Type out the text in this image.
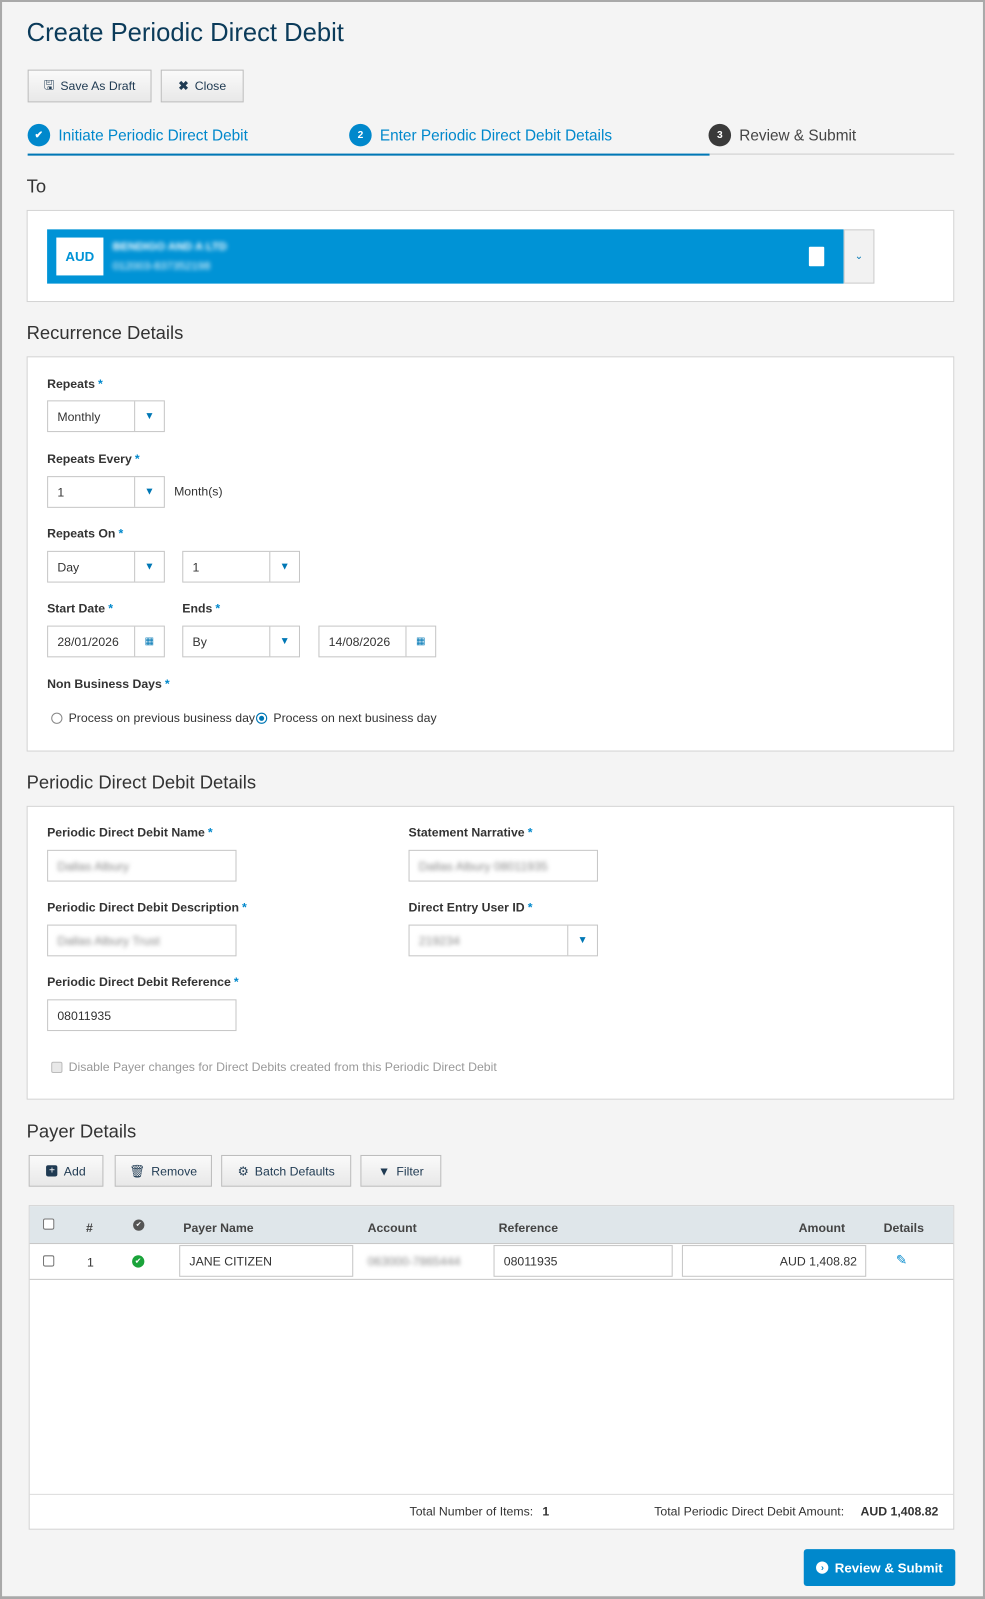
Create Periodic Direct Debit
🖫 Save As Draft	✖ Close
✔	Initiate Periodic Direct Debit	2	Enter Periodic Direct Debit Details	3	Review & Submit
To
AUD
BENDIGO AND A LTD
012003-837352198
⌄
Recurrence Details
Repeats *
Monthly	▼
Repeats Every *
1	▼	Month(s)
Repeats On *
Day	▼	1	▼
Start Date *
28/01/2026	▦
Ends *
By	▼	14/08/2026	▦
Non Business Days *
Process on previous business day Process on next business day
Periodic Direct Debit Details
Periodic Direct Debit Name *
Dallas Albury
Statement Narrative *
Dallas Albury 08011935
Periodic Direct Debit Description *
Dallas Albury Trust
Direct Entry User ID *
219234	▼
Periodic Direct Debit Reference *
08011935
Disable Payer changes for Direct Debits created from this Periodic Direct Debit
Payer Details
+ Add	🗑 Remove	⚙ Batch Defaults	▼ Filter
#	✔	Payer Name	Account	Reference	Amount	Details
1	✔	JANE CITIZEN	063000-7865444	08011935	AUD 1,408.82	✎
Total Number of Items: 1	Total Periodic Direct Debit Amount: AUD 1,408.82
› Review & Submit
